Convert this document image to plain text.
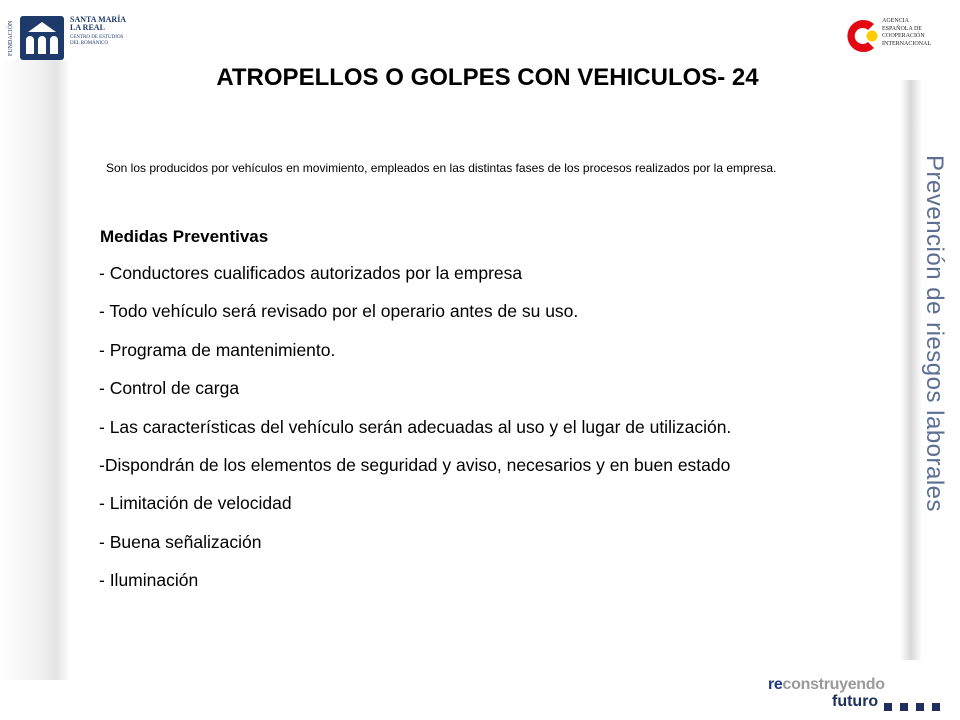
FUNDACIÓN
SANTA MARÍA
LA REAL
CENTRO DE ESTUDIOS DEL ROMÁNICO
AGENCIA
ESPAÑOLA DE
COOPERACIÓN
INTERNACIONAL
ATROPELLOS O GOLPES CON VEHICULOS- 24

Son los producidos por vehículos en movimiento, empleados en las distintas fases de los procesos realizados por la empresa.

Medidas Preventivas
- Conductores cualificados autorizados por la empresa
- Todo vehículo será revisado por el operario antes de su uso.
- Programa de mantenimiento.
- Control de carga
- Las características del vehículo serán adecuadas al uso y el lugar de utilización.
-Dispondrán de los elementos de seguridad y aviso, necesarios y en buen estado
- Limitación de velocidad
- Buena señalización
- Iluminación
Prevención de riesgos laborales
reconstruyendo
futuro
